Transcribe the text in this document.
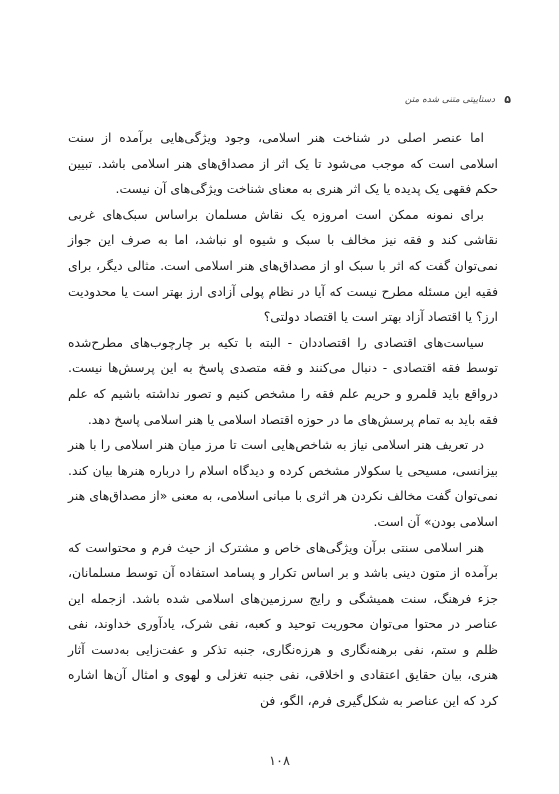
۵
دستاییتی متنی شده متن

اما عنصر اصلی در شناخت هنر اسلامی، وجود ویژگی‌هایی برآمده از سنت اسلامی است که موجب می‌شود تا یک اثر از مصداق‌های هنر اسلامی باشد. تبیین حکم فقهی یک پدیده یا یک اثر هنری به معنای شناخت ویژگی‌های آن نیست.

برای نمونه ممکن است امروزه یک نقاش مسلمان براساس سبک‌های غربی نقاشی کند و فقه نیز مخالف با سبک و شیوه او نباشد، اما به صرف این جواز نمی‌توان گفت که اثر با سبک او از مصداق‌های هنر اسلامی است. مثالی دیگر، برای فقیه این مسئله مطرح نیست که آیا در نظام پولی آزادی ارز بهتر است یا محدودیت ارز؟ یا اقتصاد آزاد بهتر است یا اقتصاد دولتی؟

سیاست‌های اقتصادی را اقتصاددان - البته با تکیه بر چارچوب‌های مطرح‌شده توسط فقه اقتصادی - دنبال می‌کنند و فقه متصدی پاسخ به این پرسش‌ها نیست. درواقع باید قلمرو و حریم علم فقه را مشخص کنیم و تصور نداشته باشیم که علم فقه باید به تمام پرسش‌های ما در حوزه اقتصاد اسلامی یا هنر اسلامی پاسخ دهد.

در تعریف هنر اسلامی نیاز به شاخص‌هایی است تا مرز میان هنر اسلامی را با هنر بیزانسی، مسیحی یا سکولار مشخص کرده و دیدگاه اسلام را درباره هنرها بیان کند. نمی‌توان گفت مخالف نکردن هر اثری با مبانی اسلامی، به معنی «از مصداق‌های هنر اسلامی بودن» آن است.

هنر اسلامی سنتی برآن ویژگی‌های خاص و مشترک از حیث فرم و محتواست که برآمده از متون دینی باشد و بر اساس تکرار و پسامد استفاده آن توسط مسلمانان، جزء فرهنگ، سنت همیشگی و رایج سرزمین‌های اسلامی شده باشد. ازجمله این عناصر در محتوا می‌توان محوریت توحید و کعبه، نفی شرک، یادآوری خداوند، نفی ظلم و ستم، نفی برهنه‌نگاری و هرزه‌نگاری، جنبه تذکر و عفت‌زایی به‌دست آثار هنری، بیان حقایق اعتقادی و اخلاقی، نفی جنبه تغزلی و لهوی و امثال آن‌ها اشاره کرد که این عناصر به شکل‌گیری فرم، الگو، فن

۱۰۸
